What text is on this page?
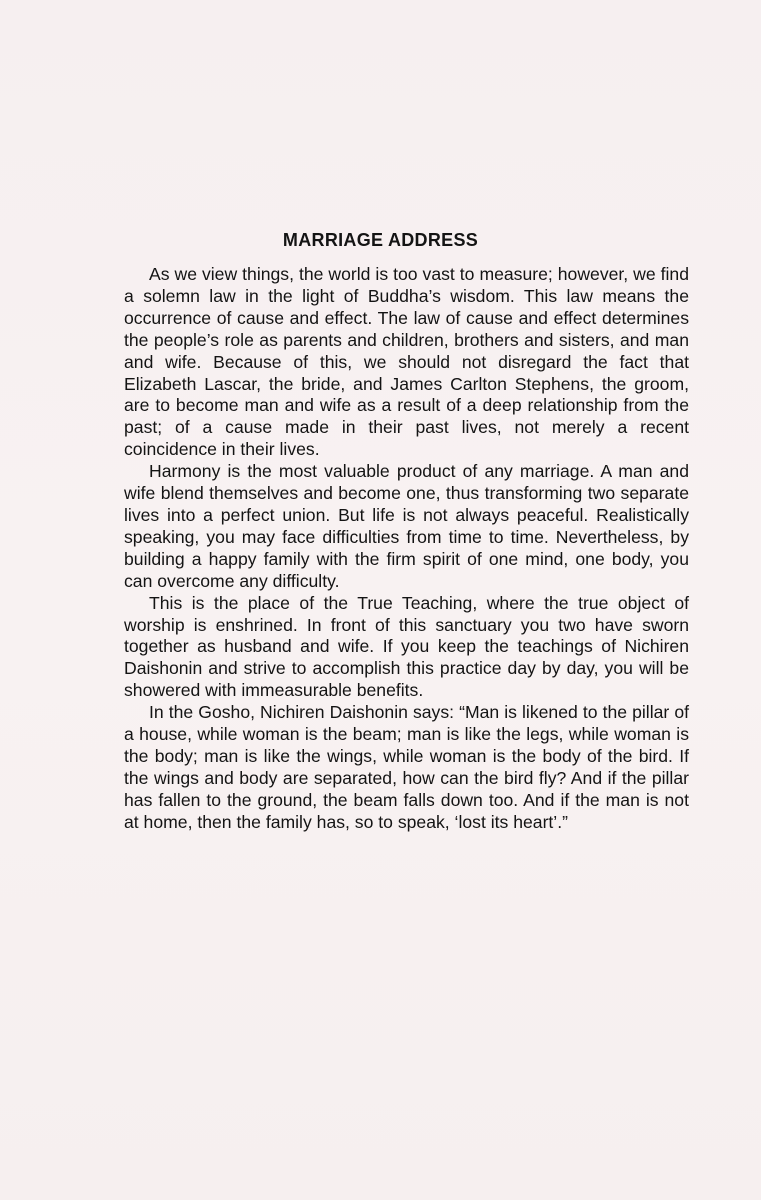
MARRIAGE ADDRESS

As we view things, the world is too vast to measure; however, we find a solemn law in the light of Buddha’s wisdom. This law means the occurrence of cause and effect. The law of cause and effect determines the people’s role as parents and children, brothers and sisters, and man and wife. Because of this, we should not disregard the fact that Elizabeth Lascar, the bride, and James Carlton Stephens, the groom, are to become man and wife as a result of a deep relationship from the past; of a cause made in their past lives, not merely a recent coincidence in their lives.

Harmony is the most valuable product of any marriage. A man and wife blend themselves and become one, thus transforming two separate lives into a perfect union. But life is not always peaceful. Realistically speaking, you may face difficulties from time to time. Nevertheless, by building a happy family with the firm spirit of one mind, one body, you can overcome any difficulty.

This is the place of the True Teaching, where the true object of worship is enshrined. In front of this sanctuary you two have sworn together as husband and wife. If you keep the teachings of Nichiren Daishonin and strive to accomplish this practice day by day, you will be showered with immeasurable benefits.

In the Gosho, Nichiren Daishonin says: “Man is likened to the pillar of a house, while woman is the beam; man is like the legs, while woman is the body; man is like the wings, while woman is the body of the bird. If the wings and body are separated, how can the bird fly? And if the pillar has fallen to the ground, the beam falls down too. And if the man is not at home, then the family has, so to speak, ‘lost its heart’.”
